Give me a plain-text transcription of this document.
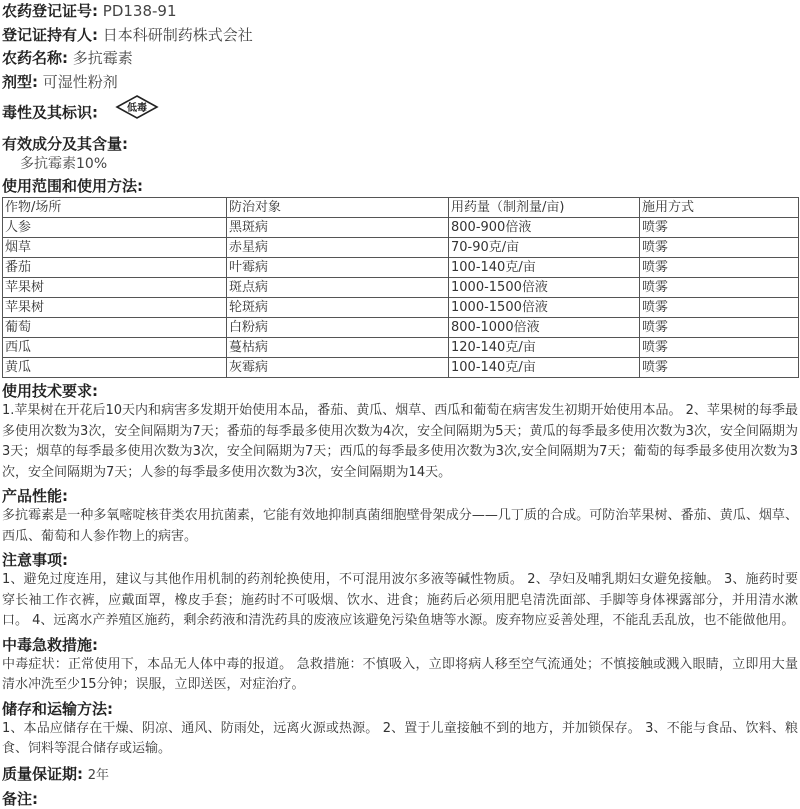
农药登记证号: PD138-91
登记证持有人: 日本科研制药株式会社
农药名称: 多抗霉素
剂型: 可湿性粉剂
毒性及其标识:	低毒
有效成分及其含量:
多抗霉素10%
使用范围和使用方法:
作物/场所	防治对象	用药量（制剂量/亩)	施用方式
人参	黑斑病	800-900倍液	喷雾
烟草	赤星病	70-90克/亩	喷雾
番茄	叶霉病	100-140克/亩	喷雾
苹果树	斑点病	1000-1500倍液	喷雾
苹果树	轮斑病	1000-1500倍液	喷雾
葡萄	白粉病	800-1000倍液	喷雾
西瓜	蔓枯病	120-140克/亩	喷雾
黄瓜	灰霉病	100-140克/亩	喷雾
使用技术要求:
1.苹果树在开花后10天内和病害多发期开始使用本品，番茄、黄瓜、烟草、西瓜和葡萄在病害发生初期开始使用本品。 2、苹果树的每季最多使用次数为3次，安全间隔期为7天；番茄的每季最多使用次数为4次，安全间隔期为5天；黄瓜的每季最多使用次数为3次，安全间隔期为3天；烟草的每季最多使用次数为3次，安全间隔期为7天；西瓜的每季最多使用次数为3次,安全间隔期为7天；葡萄的每季最多使用次数为3次，安全间隔期为7天；人参的每季最多使用次数为3次，安全间隔期为14天。
产品性能:
多抗霉素是一种多氧嘧啶核苷类农用抗菌素，它能有效地抑制真菌细胞壁骨架成分——几丁质的合成。可防治苹果树、番茄、黄瓜、烟草、西瓜、葡萄和人参作物上的病害。
注意事项:
1、避免过度连用，建议与其他作用机制的药剂轮换使用，不可混用波尔多液等碱性物质。 2、孕妇及哺乳期妇女避免接触。 3、施药时要穿长袖工作衣裤，应戴面罩，橡皮手套；施药时不可吸烟、饮水、进食；施药后必须用肥皂清洗面部、手脚等身体裸露部分，并用清水漱口。 4、远离水产养殖区施药，剩余药液和清洗药具的废液应该避免污染鱼塘等水源。废弃物应妥善处理，不能乱丢乱放，也不能做他用。
中毒急救措施:
中毒症状：正常使用下，本品无人体中毒的报道。 急救措施：不慎吸入，立即将病人移至空气流通处；不慎接触或溅入眼睛，立即用大量清水冲洗至少15分钟；误服，立即送医，对症治疗。
储存和运输方法:
1、本品应储存在干燥、阴凉、通风、防雨处，远离火源或热源。 2、置于儿童接触不到的地方，并加锁保存。 3、不能与食品、饮料、粮食、饲料等混合储存或运输。
质量保证期: 2年
备注:
